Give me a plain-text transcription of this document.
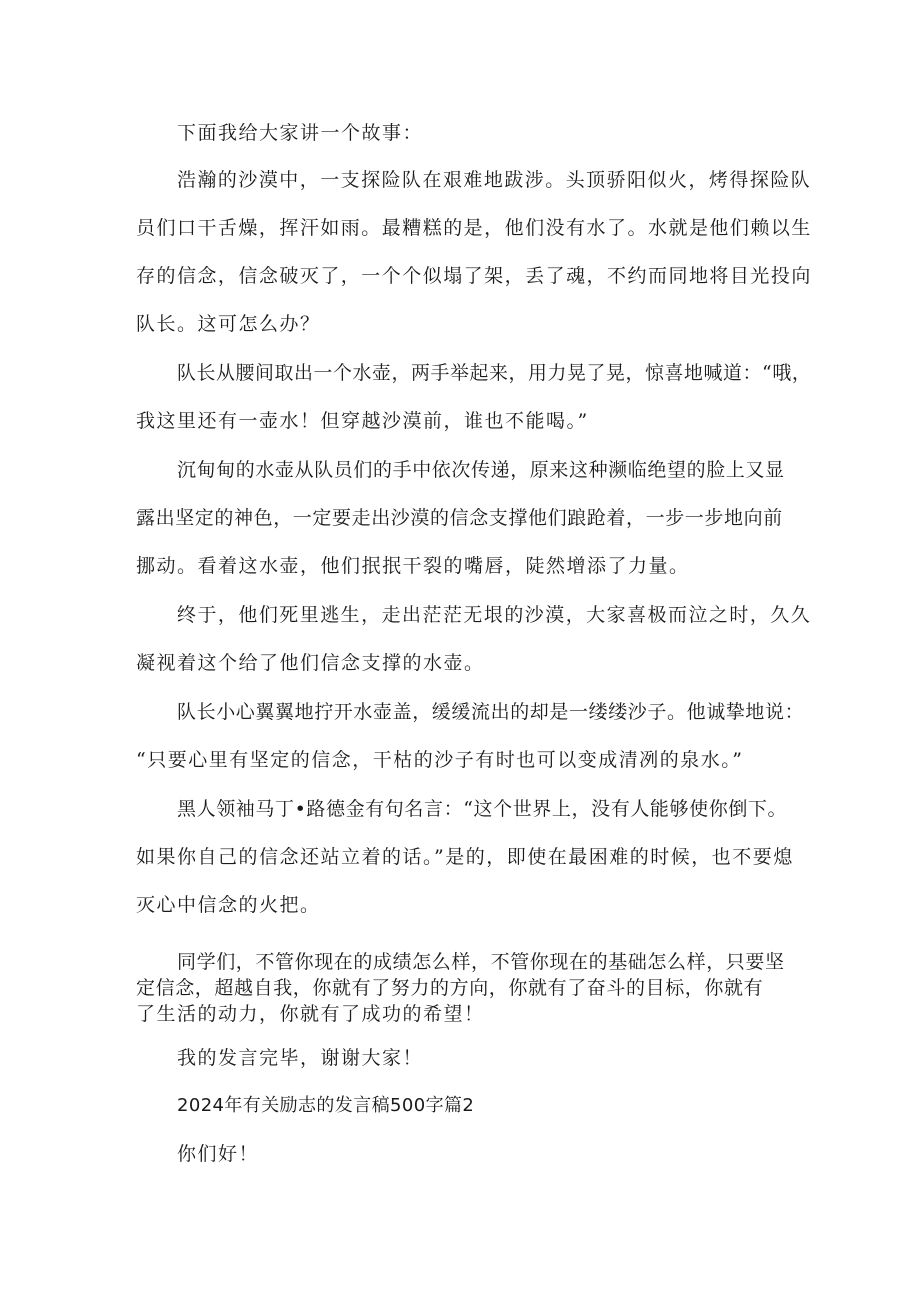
下面我给大家讲一个故事：
浩瀚的沙漠中，一支探险队在艰难地跋涉。头顶骄阳似火，烤得探险队
员们口干舌燥，挥汗如雨。最糟糕的是，他们没有水了。水就是他们赖以生
存的信念，信念破灭了，一个个似塌了架，丢了魂，不约而同地将目光投向
队长。这可怎么办？
队长从腰间取出一个水壶，两手举起来，用力晃了晃，惊喜地喊道：“哦，
我这里还有一壶水！但穿越沙漠前，谁也不能喝。”
沉甸甸的水壶从队员们的手中依次传递，原来这种濒临绝望的脸上又显
露出坚定的神色，一定要走出沙漠的信念支撑他们踉跄着，一步一步地向前
挪动。看着这水壶，他们抿抿干裂的嘴唇，陡然增添了力量。
终于，他们死里逃生，走出茫茫无垠的沙漠，大家喜极而泣之时，久久
凝视着这个给了他们信念支撑的水壶。
队长小心翼翼地拧开水壶盖，缓缓流出的却是一缕缕沙子。他诚挚地说：
“只要心里有坚定的信念，干枯的沙子有时也可以变成清冽的泉水。”
黑人领袖马丁•路德金有句名言：“这个世界上，没有人能够使你倒下。
如果你自己的信念还站立着的话。”是的，即使在最困难的时候，也不要熄
灭心中信念的火把。
同学们，不管你现在的成绩怎么样，不管你现在的基础怎么样，只要坚
定信念，超越自我，你就有了努力的方向，你就有了奋斗的目标，你就有
了生活的动力，你就有了成功的希望！
我的发言完毕，谢谢大家！
2024年有关励志的发言稿500字篇2
你们好！
